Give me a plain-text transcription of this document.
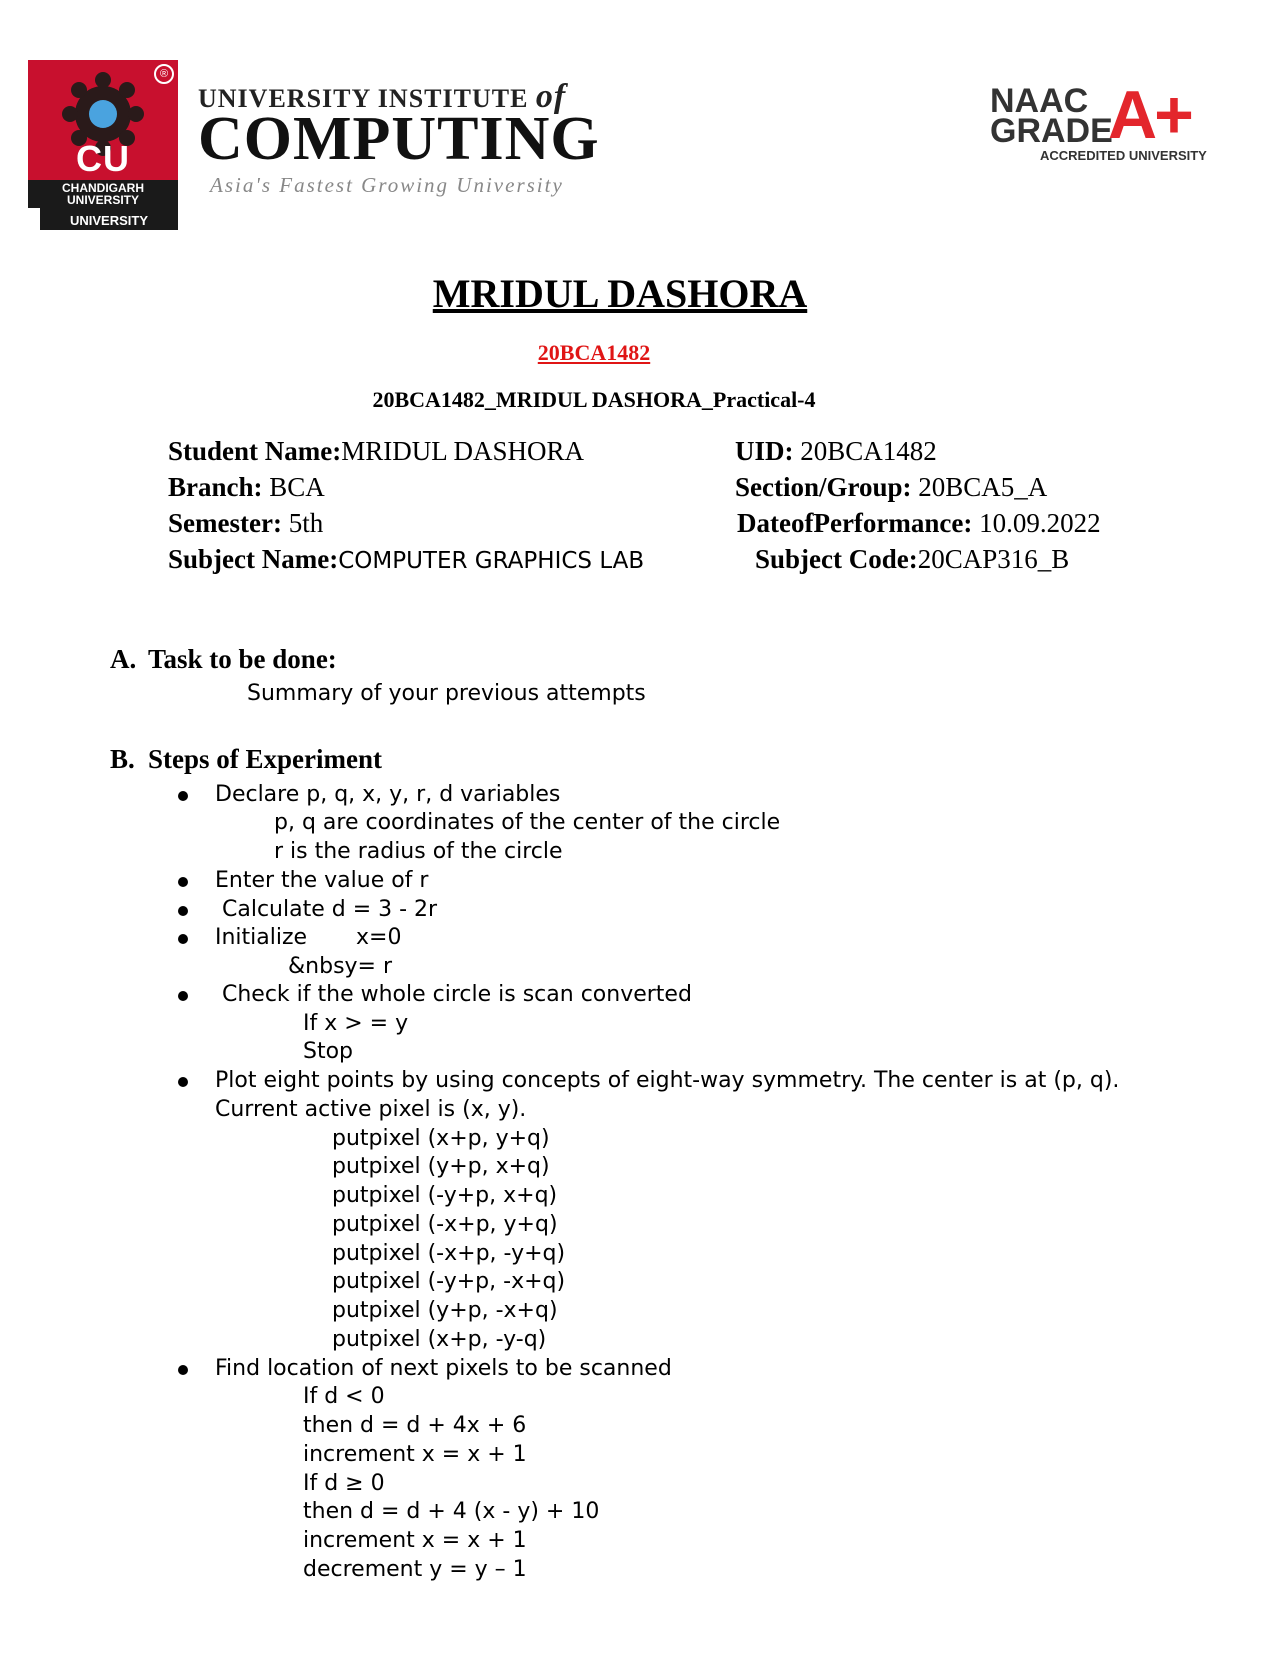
CU
CHANDIGARH UNIVERSITY
®
UNIVERSITY
UNIVERSITY INSTITUTE of
COMPUTING
Asia's Fastest Growing University
NAAC
GRADE
A+
ACCREDITED UNIVERSITY
MRIDUL DASHORA
20BCA1482
20BCA1482_MRIDUL DASHORA_Practical-4
Student Name:MRIDUL DASHORA	UID: 20BCA1482
Branch: BCA	Section/Group: 20BCA5_A
Semester: 5th	DateofPerformance: 10.09.2022
Subject Name:COMPUTER GRAPHICS LAB	Subject Code:20CAP316_B
A. Task to be done:
Summary of your previous attempts
B. Steps of Experiment
Declare p, q, x, y, r, d variables
p, q are coordinates of the center of the circle
r is the radius of the circle
Enter the value of r
Calculate d = 3 - 2r
Initialize       x=0
&nbsy= r
Check if the whole circle is scan converted
If x > = y
Stop
Plot eight points by using concepts of eight-way symmetry. The center is at (p, q).
Current active pixel is (x, y).
putpixel (x+p, y+q)
putpixel (y+p, x+q)
putpixel (-y+p, x+q)
putpixel (-x+p, y+q)
putpixel (-x+p, -y+q)
putpixel (-y+p, -x+q)
putpixel (y+p, -x+q)
putpixel (x+p, -y-q)
Find location of next pixels to be scanned
If d < 0
then d = d + 4x + 6
increment x = x + 1
If d ≥ 0
then d = d + 4 (x - y) + 10
increment x = x + 1
decrement y = y – 1
